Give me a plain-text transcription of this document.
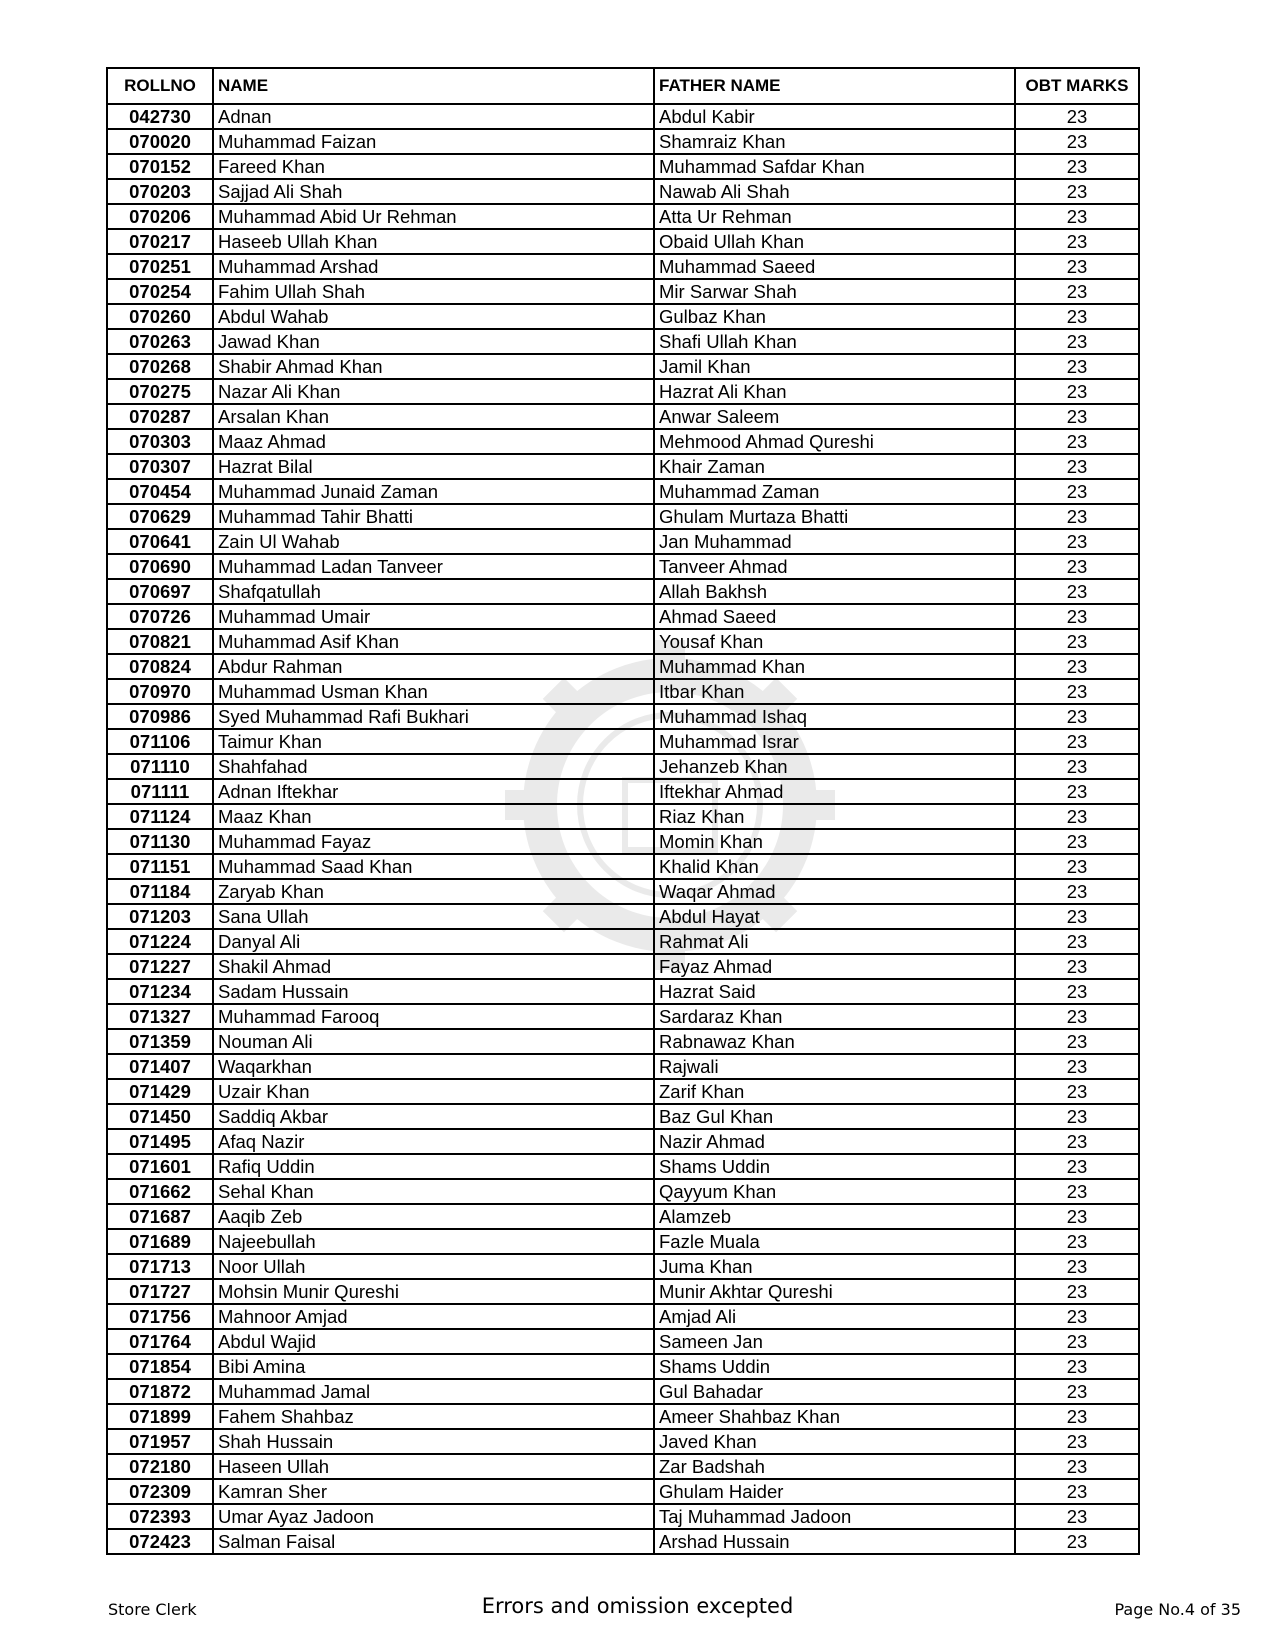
ROLLNO	NAME	FATHER NAME	OBT MARKS
042730	Adnan	Abdul Kabir	23
070020	Muhammad Faizan	Shamraiz Khan	23
070152	Fareed Khan	Muhammad Safdar Khan	23
070203	Sajjad Ali Shah	Nawab Ali Shah	23
070206	Muhammad Abid Ur Rehman	Atta Ur Rehman	23
070217	Haseeb Ullah Khan	Obaid Ullah Khan	23
070251	Muhammad Arshad	Muhammad Saeed	23
070254	Fahim Ullah Shah	Mir Sarwar Shah	23
070260	Abdul Wahab	Gulbaz Khan	23
070263	Jawad Khan	Shafi Ullah Khan	23
070268	Shabir Ahmad Khan	Jamil Khan	23
070275	Nazar Ali Khan	Hazrat Ali Khan	23
070287	Arsalan Khan	Anwar Saleem	23
070303	Maaz Ahmad	Mehmood Ahmad Qureshi	23
070307	Hazrat Bilal	Khair Zaman	23
070454	Muhammad Junaid Zaman	Muhammad Zaman	23
070629	Muhammad Tahir Bhatti	Ghulam Murtaza Bhatti	23
070641	Zain Ul Wahab	Jan Muhammad	23
070690	Muhammad Ladan Tanveer	Tanveer Ahmad	23
070697	Shafqatullah	Allah Bakhsh	23
070726	Muhammad Umair	Ahmad Saeed	23
070821	Muhammad Asif Khan	Yousaf Khan	23
070824	Abdur Rahman	Muhammad Khan	23
070970	Muhammad Usman Khan	Itbar Khan	23
070986	Syed Muhammad Rafi Bukhari	Muhammad Ishaq	23
071106	Taimur Khan	Muhammad Israr	23
071110	Shahfahad	Jehanzeb Khan	23
071111	Adnan Iftekhar	Iftekhar Ahmad	23
071124	Maaz Khan	Riaz Khan	23
071130	Muhammad Fayaz	Momin Khan	23
071151	Muhammad Saad Khan	Khalid Khan	23
071184	Zaryab Khan	Waqar Ahmad	23
071203	Sana Ullah	Abdul Hayat	23
071224	Danyal Ali	Rahmat Ali	23
071227	Shakil Ahmad	Fayaz Ahmad	23
071234	Sadam Hussain	Hazrat Said	23
071327	Muhammad Farooq	Sardaraz Khan	23
071359	Nouman Ali	Rabnawaz Khan	23
071407	Waqarkhan	Rajwali	23
071429	Uzair Khan	Zarif Khan	23
071450	Saddiq Akbar	Baz Gul Khan	23
071495	Afaq Nazir	Nazir Ahmad	23
071601	Rafiq Uddin	Shams Uddin	23
071662	Sehal Khan	Qayyum Khan	23
071687	Aaqib Zeb	Alamzeb	23
071689	Najeebullah	Fazle Muala	23
071713	Noor Ullah	Juma Khan	23
071727	Mohsin Munir Qureshi	Munir Akhtar Qureshi	23
071756	Mahnoor Amjad	Amjad Ali	23
071764	Abdul Wajid	Sameen Jan	23
071854	Bibi Amina	Shams Uddin	23
071872	Muhammad Jamal	Gul Bahadar	23
071899	Fahem Shahbaz	Ameer Shahbaz Khan	23
071957	Shah Hussain	Javed Khan	23
072180	Haseen Ullah	Zar Badshah	23
072309	Kamran Sher	Ghulam Haider	23
072393	Umar Ayaz Jadoon	Taj Muhammad Jadoon	23
072423	Salman Faisal	Arshad Hussain	23
Store Clerk	Errors and omission excepted	Page No.4 of 35
